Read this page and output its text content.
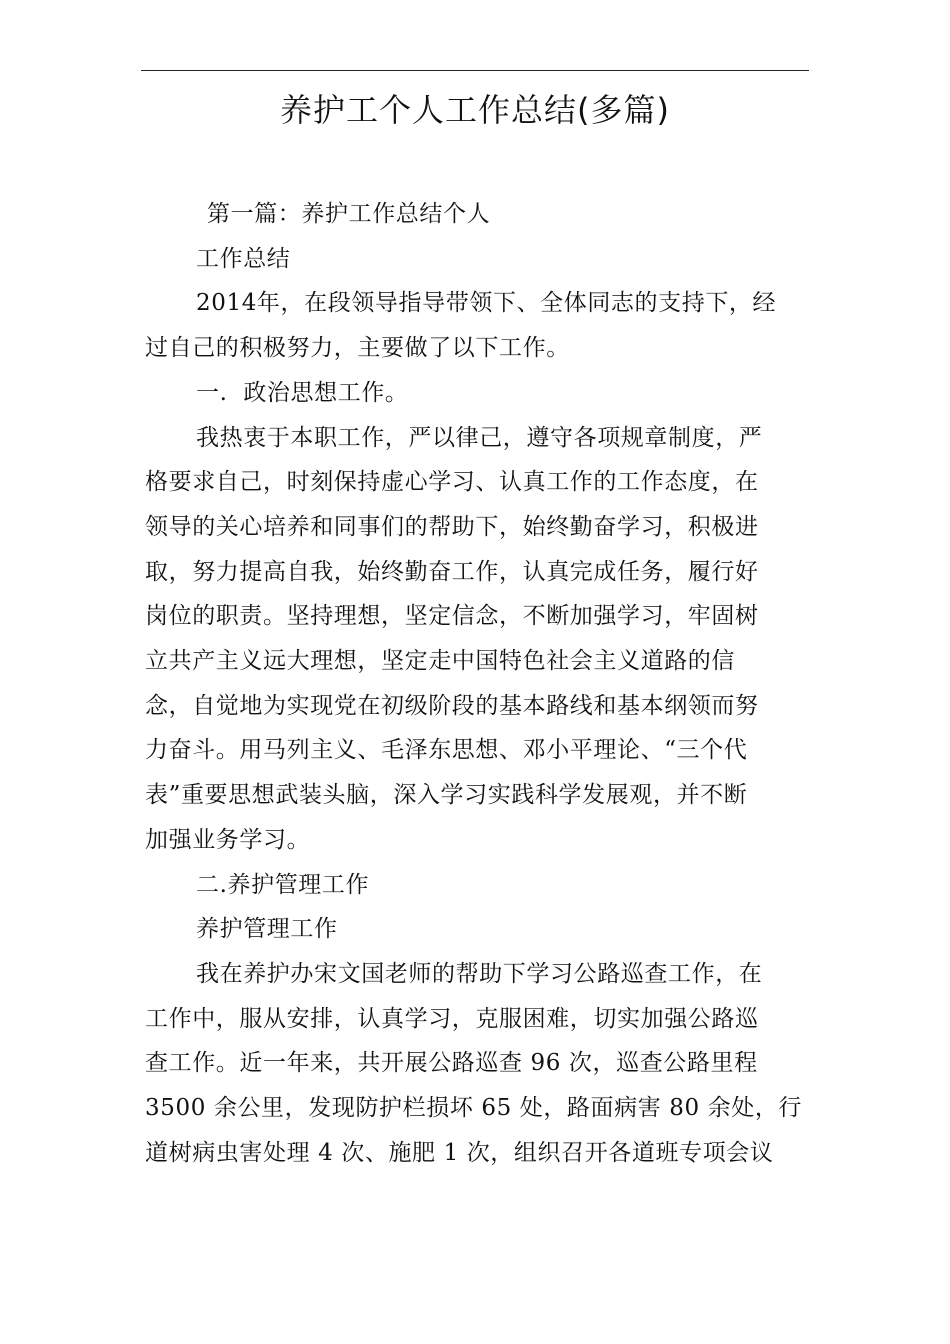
养护工个人工作总结(多篇)

第一篇：养护工作总结个人

工作总结

2014年，在段领导指导带领下、全体同志的支持下，经
过自己的积极努力，主要做了以下工作。

一.  政治思想工作。

我热衷于本职工作，严以律己，遵守各项规章制度，严
格要求自己，时刻保持虚心学习、认真工作的工作态度，在
领导的关心培养和同事们的帮助下，始终勤奋学习，积极进
取，努力提高自我，始终勤奋工作，认真完成任务，履行好
岗位的职责。坚持理想，坚定信念，不断加强学习，牢固树
立共产主义远大理想，坚定走中国特色社会主义道路的信
念，自觉地为实现党在初级阶段的基本路线和基本纲领而努
力奋斗。用马列主义、毛泽东思想、邓小平理论、“三个代
表”重要思想武装头脑，深入学习实践科学发展观，并不断
加强业务学习。

二.养护管理工作

养护管理工作

我在养护办宋文国老师的帮助下学习公路巡查工作，在
工作中，服从安排，认真学习，克服困难，切实加强公路巡
查工作。近一年来，共开展公路巡查 96 次，巡查公路里程
3500 余公里，发现防护栏损坏 65 处，路面病害 80 余处，行
道树病虫害处理 4 次、施肥 1 次，组织召开各道班专项会议
